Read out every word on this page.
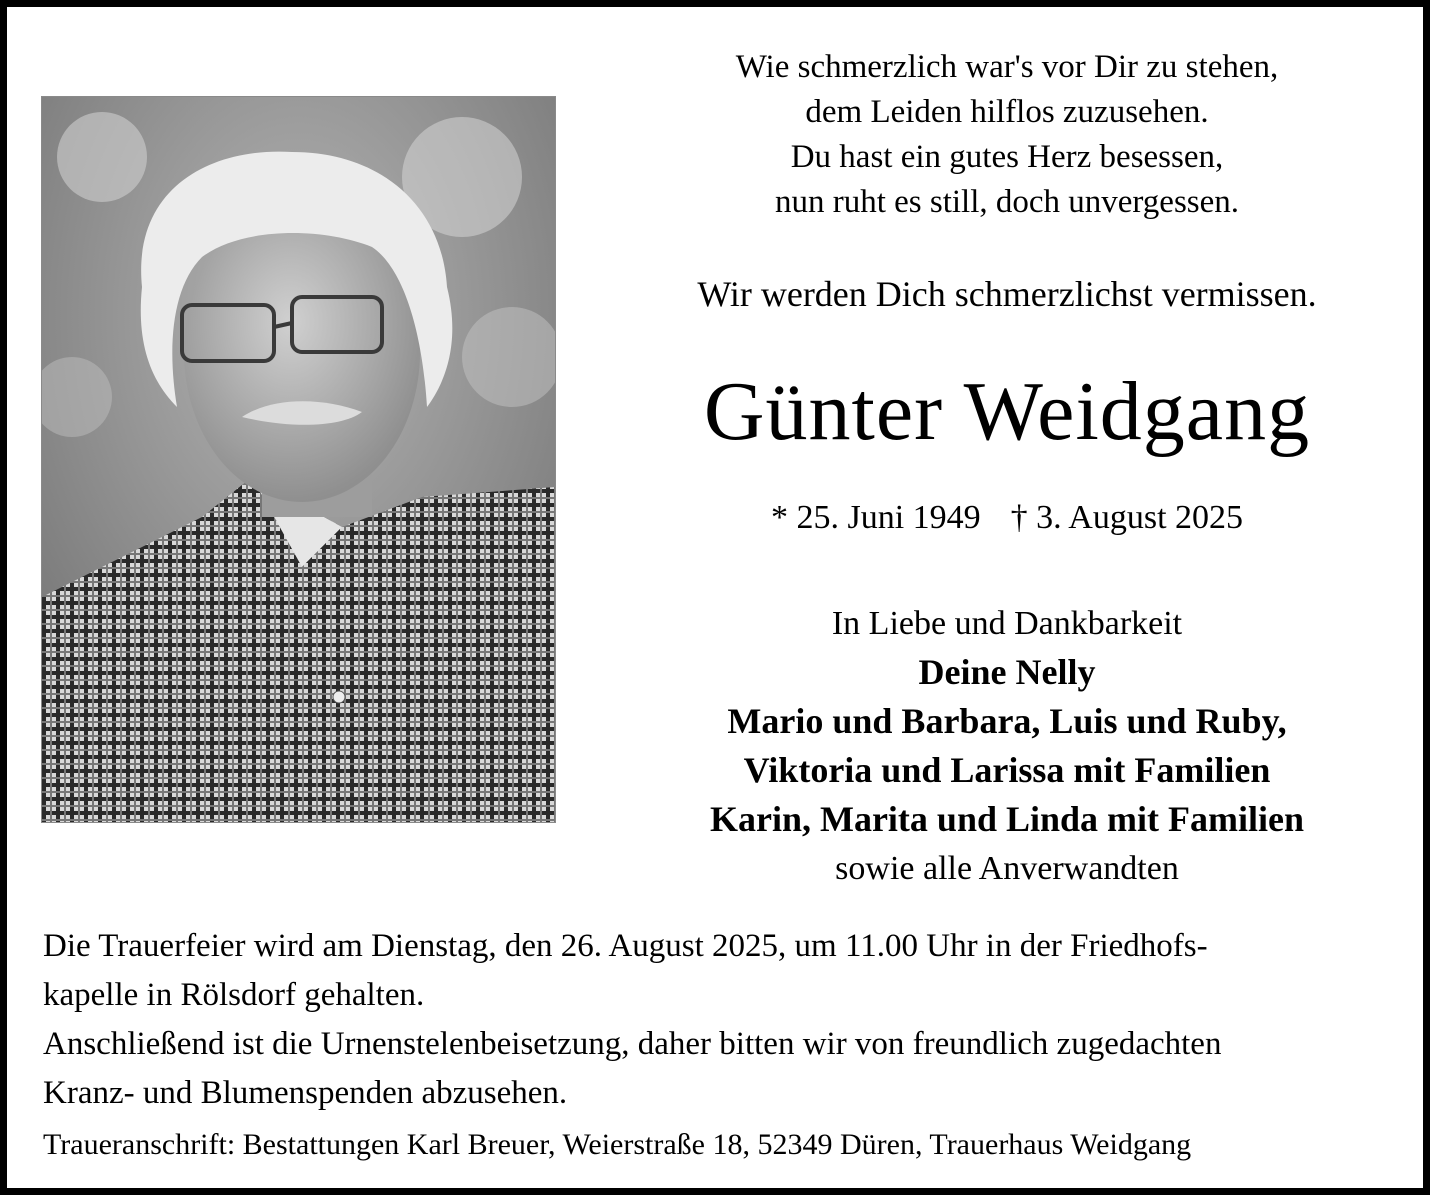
Wie schmerzlich war's vor Dir zu stehen,
dem Leiden hilflos zuzusehen.
Du hast ein gutes Herz besessen,
nun ruht es still, doch unvergessen.
Wir werden Dich schmerzlichst vermissen.
Günter Weidgang
* 25. Juni 1949 † 3. August 2025
In Liebe und Dankbarkeit
Deine Nelly
Mario und Barbara, Luis und Ruby,
Viktoria und Larissa mit Familien
Karin, Marita und Linda mit Familien
sowie alle Anverwandten
Die Trauerfeier wird am Dienstag, den 26. August 2025, um 11.00 Uhr in der Friedhofs-
kapelle in Rölsdorf gehalten.
Anschließend ist die Urnenstelenbeisetzung, daher bitten wir von freundlich zugedachten
Kranz- und Blumenspenden abzusehen.
Traueranschrift: Bestattungen Karl Breuer, Weierstraße 18, 52349 Düren, Trauerhaus Weidgang
